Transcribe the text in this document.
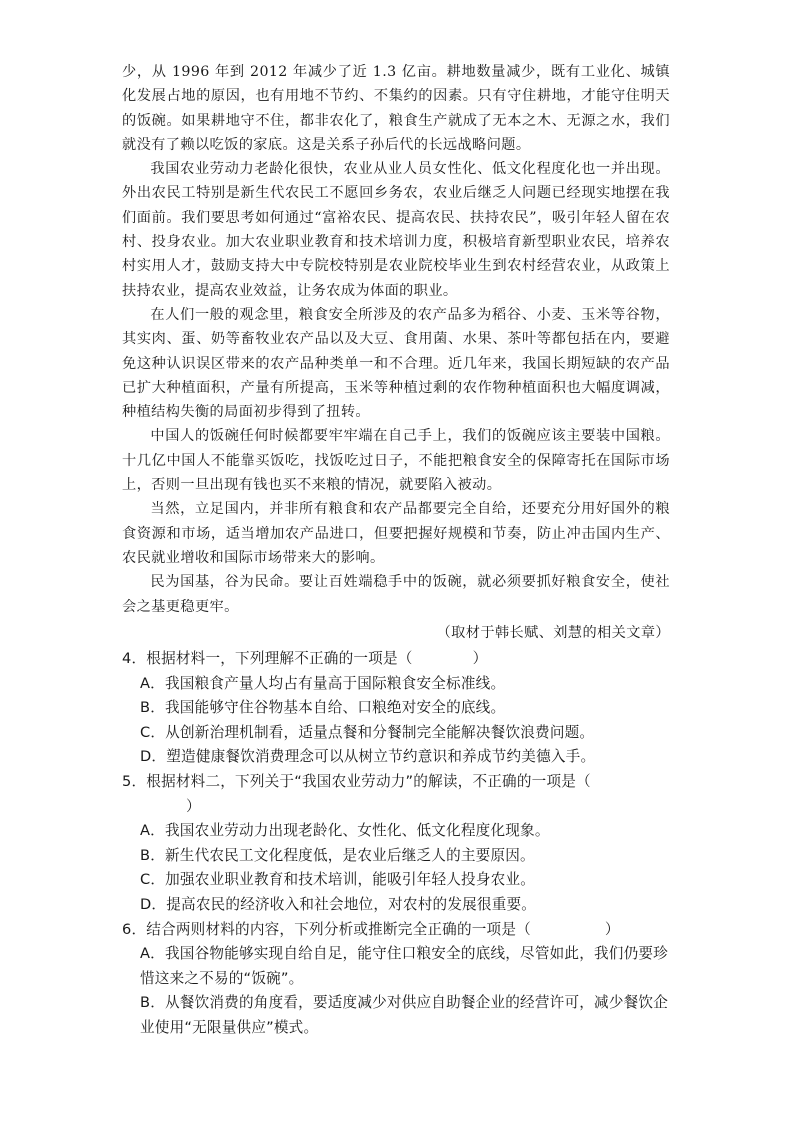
少，从 1996 年到 2012 年减少了近 1.3 亿亩。耕地数量减少，既有工业化、城镇化发展占地的原因，也有用地不节约、不集约的因素。只有守住耕地，才能守住明天的饭碗。如果耕地守不住，都非农化了，粮食生产就成了无本之木、无源之水，我们就没有了赖以吃饭的家底。这是关系子孙后代的长远战略问题。

我国农业劳动力老龄化很快，农业从业人员女性化、低文化程度化也一并出现。外出农民工特别是新生代农民工不愿回乡务农，农业后继乏人问题已经现实地摆在我们面前。我们要思考如何通过“富裕农民、提高农民、扶持农民”，吸引年轻人留在农村、投身农业。加大农业职业教育和技术培训力度，积极培育新型职业农民，培养农村实用人才，鼓励支持大中专院校特别是农业院校毕业生到农村经营农业，从政策上扶持农业，提高农业效益，让务农成为体面的职业。

在人们一般的观念里，粮食安全所涉及的农产品多为稻谷、小麦、玉米等谷物，其实肉、蛋、奶等畜牧业农产品以及大豆、食用菌、水果、茶叶等都包括在内，要避免这种认识误区带来的农产品种类单一和不合理。近几年来，我国长期短缺的农产品已扩大种植面积，产量有所提高，玉米等种植过剩的农作物种植面积也大幅度调减，种植结构失衡的局面初步得到了扭转。

中国人的饭碗任何时候都要牢牢端在自己手上，我们的饭碗应该主要装中国粮。十几亿中国人不能靠买饭吃，找饭吃过日子，不能把粮食安全的保障寄托在国际市场上，否则一旦出现有钱也买不来粮的情况，就要陷入被动。

当然，立足国内，并非所有粮食和农产品都要完全自给，还要充分用好国外的粮食资源和市场，适当增加农产品进口，但要把握好规模和节奏，防止冲击国内生产、农民就业增收和国际市场带来大的影响。

民为国基，谷为民命。要让百姓端稳手中的饭碗，就必须要抓好粮食安全，使社会之基更稳更牢。

（取材于韩长赋、刘慧的相关文章）

4．根据材料一，下列理解不正确的一项是（	）

A．我国粮食产量人均占有量高于国际粮食安全标准线。

B．我国能够守住谷物基本自给、口粮绝对安全的底线。

C．从创新治理机制看，适量点餐和分餐制完全能解决餐饮浪费问题。

D．塑造健康餐饮消费理念可以从树立节约意识和养成节约美德入手。

5．根据材料二，下列关于“我国农业劳动力”的解读，不正确的一项是（

）

A．我国农业劳动力出现老龄化、女性化、低文化程度化现象。

B．新生代农民工文化程度低，是农业后继乏人的主要原因。

C．加强农业职业教育和技术培训，能吸引年轻人投身农业。

D．提高农民的经济收入和社会地位，对农村的发展很重要。

6．结合两则材料的内容，下列分析或推断完全正确的一项是（	）

A．我国谷物能够实现自给自足，能守住口粮安全的底线，尽管如此，我们仍要珍惜这来之不易的“饭碗”。

B．从餐饮消费的角度看，要适度减少对供应自助餐企业的经营许可，减少餐饮企业使用“无限量供应”模式。
